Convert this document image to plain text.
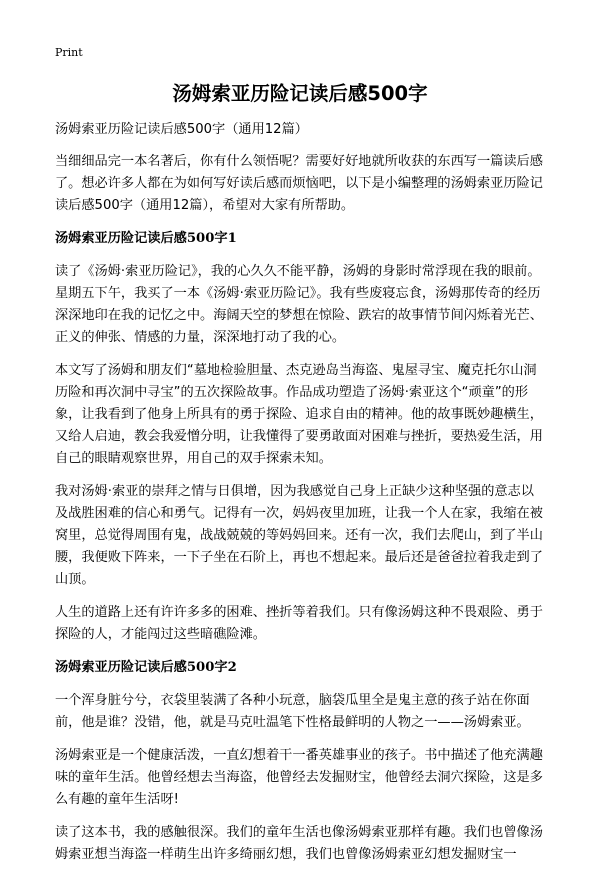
Print
汤姆索亚历险记读后感500字

汤姆索亚历险记读后感500字（通用12篇）

当细细品完一本名著后，你有什么领悟呢？需要好好地就所收获的东西写一篇读后感了。想必许多人都在为如何写好读后感而烦恼吧，以下是小编整理的汤姆索亚历险记读后感500字（通用12篇），希望对大家有所帮助。

汤姆索亚历险记读后感500字1

读了《汤姆·索亚历险记》，我的心久久不能平静，汤姆的身影时常浮现在我的眼前。星期五下午，我买了一本《汤姆·索亚历险记》。我有些废寝忘食，汤姆那传奇的经历深深地印在我的记忆之中。海阔天空的梦想在惊险、跌宕的故事情节间闪烁着光芒、正义的伸张、情感的力量，深深地打动了我的心。

本文写了汤姆和朋友们“墓地检验胆量、杰克逊岛当海盗、鬼屋寻宝、魔克托尔山洞历险和再次洞中寻宝”的五次探险故事。作品成功塑造了汤姆·索亚这个“顽童”的形象，让我看到了他身上所具有的勇于探险、追求自由的精神。他的故事既妙趣横生，又给人启迪，教会我爱憎分明，让我懂得了要勇敢面对困难与挫折，要热爱生活，用自己的眼睛观察世界，用自己的双手探索未知。

我对汤姆·索亚的崇拜之情与日俱增，因为我感觉自己身上正缺少这种坚强的意志以及战胜困难的信心和勇气。记得有一次，妈妈夜里加班，让我一个人在家，我缩在被窝里，总觉得周围有鬼，战战兢兢的等妈妈回来。还有一次，我们去爬山，到了半山腰，我便败下阵来，一下子坐在石阶上，再也不想起来。最后还是爸爸拉着我走到了山顶。

人生的道路上还有许许多多的困难、挫折等着我们。只有像汤姆这种不畏艰险、勇于探险的人，才能闯过这些暗礁险滩。

汤姆索亚历险记读后感500字2

一个浑身脏兮兮，衣袋里装满了各种小玩意，脑袋瓜里全是鬼主意的孩子站在你面前，他是谁？没错，他，就是马克吐温笔下性格最鲜明的人物之一——汤姆索亚。

汤姆索亚是一个健康活泼，一直幻想着干一番英雄事业的孩子。书中描述了他充满趣味的童年生活。他曾经想去当海盗，他曾经去发掘财宝，他曾经去洞穴探险，这是多么有趣的童年生活呀!

读了这本书，我的感触很深。我们的童年生活也像汤姆索亚那样有趣。我们也曾像汤姆索亚想当海盗一样萌生出许多绮丽幻想，我们也曾像汤姆索亚幻想发掘财宝一
